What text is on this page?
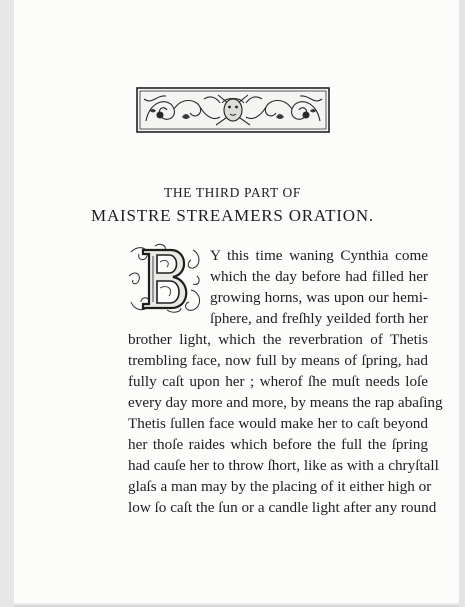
THE THIRD PART OF
MAISTRE STREAMERS ORATION.

Y this time waning Cynthia come

which the day before had filled her

growing horns, was upon our hemi-

ſphere, and freſhly yeilded forth her

brother light, which the reverbration of Thetis

trembling face, now full by means of ſpring, had

fully caſt upon her ; wherof ſhe muſt needs loſe

every day more and more, by means the rap abaſing

Thetis ſullen face would make her to caſt beyond

her thoſe raides which before the full the ſpring

had cauſe her to throw ſhort, like as with a chryſtall

glaſs a man may by the placing of it either high or

low ſo caſt the ſun or a candle light after any round
